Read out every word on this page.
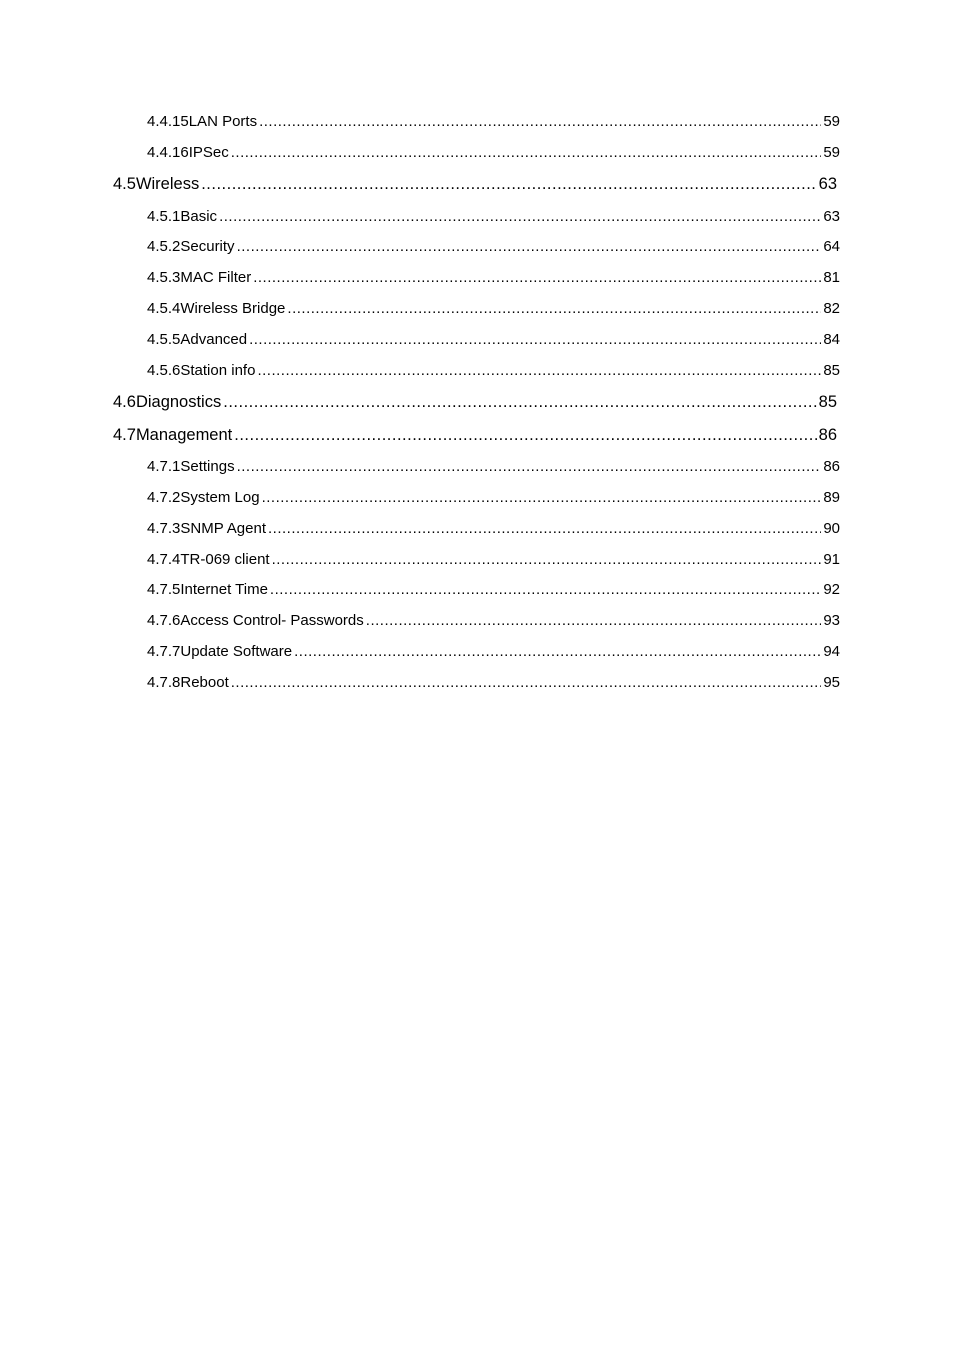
4.4.15 LAN Ports .....	59
4.4.16 IPSec .....	59
4.5 Wireless .....	63
4.5.1 Basic .....	63
4.5.2 Security .....	64
4.5.3 MAC Filter .....	81
4.5.4 Wireless Bridge .....	82
4.5.5 Advanced .....	84
4.5.6 Station info .....	85
4.6 Diagnostics .....	85
4.7 Management .....	86
4.7.1 Settings .....	86
4.7.2 System Log .....	89
4.7.3 SNMP Agent .....	90
4.7.4 TR-069 client .....	91
4.7.5 Internet Time .....	92
4.7.6 Access Control- Passwords .....	93
4.7.7 Update Software .....	94
4.7.8 Reboot .....	95
